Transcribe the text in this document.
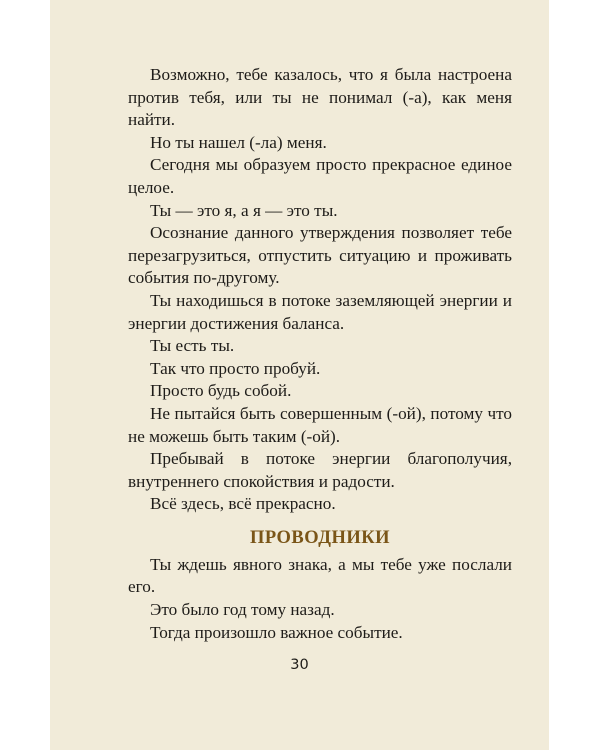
Возможно, тебе казалось, что я была настроена против тебя, или ты не понимал (-а), как меня найти.

Но ты нашел (-ла) меня.

Сегодня мы образуем просто прекрасное единое целое.

Ты — это я, а я — это ты.

Осознание данного утверждения позволяет тебе перезагрузиться, отпустить ситуацию и проживать события по-другому.

Ты находишься в потоке заземляющей энергии и энергии достижения баланса.

Ты есть ты.

Так что просто пробуй.

Просто будь собой.

Не пытайся быть совершенным (-ой), потому что не можешь быть таким (-ой).

Пребывай в потоке энергии благополучия, внутреннего спокойствия и радости.

Всё здесь, всё прекрасно.

ПРОВОДНИКИ

Ты ждешь явного знака, а мы тебе уже послали его.

Это было год тому назад.

Тогда произошло важное событие.

30
